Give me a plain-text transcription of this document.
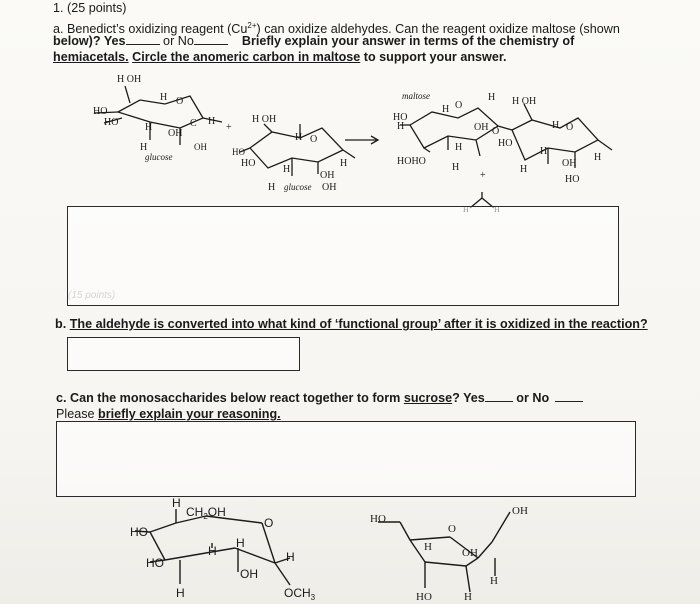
1. (25 points)
a. Benedict’s oxidizing reagent $(Cu^{2+})$ can oxidize aldehydes. Can the reagent oxidize maltose (shown
below)? Yes	or No	Briefly explain your answer in terms of the chemistry of
hemiacetals. Circle the anomeric carbon in maltose to support your answer.
H OH
HO
HO
H O
H
OH
C H
H
glucose
OH
+
H OH
HO
HO
H O
H
OH
H
H glucose OH
maltose	H H OH
HO
H
O
H
OH O
H	HO
H O
HOHO
H
+
H
H
OH
H
HO
(15 points)
b. The aldehyde is converted into what kind of ‘functional group’ after it is oxidized in the reaction?
c. Can the monosaccharides below react together to form sucrose? Yes or No
Please briefly explain your reasoning.
H
$CH_2OH$
HO
O
H
H
HO
H
OH
H
$OCH_3$
HO
OH
O
H	OH
HO	H
H
